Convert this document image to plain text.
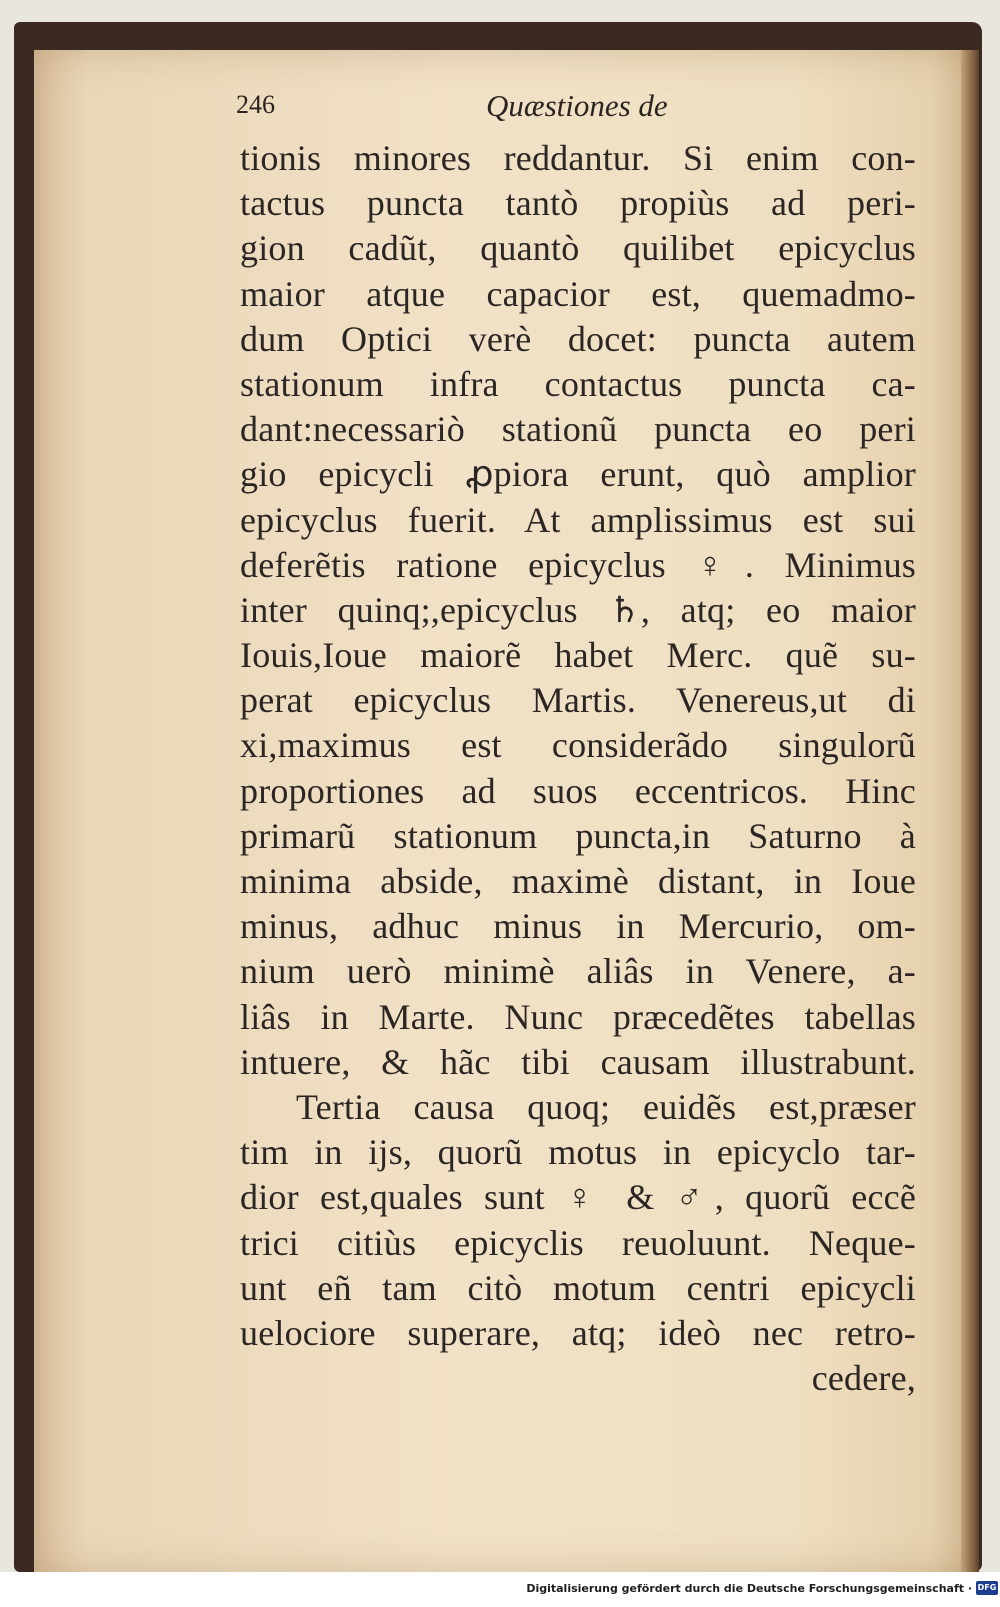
246	Quæstiones de
tionis minores reddantur. Si enim con-
tactus puncta tantò propiùs ad peri-
gion cadũt, quantò quilibet epicyclus
maior atque capacior est, quemadmo-
dum Optici verè docet: puncta autem
stationum infra contactus puncta ca-
dant:necessariò stationũ puncta eo peri
gio epicycli ꝓpiora erunt, quò amplior
epicyclus fuerit. At amplissimus est sui
deferẽtis ratione epicyclus ♀. Minimus
inter quinq;,epicyclus ♄, atq; eo maior
Iouis,Ioue maiorẽ habet Merc. quẽ su-
perat epicyclus Martis. Venereus,ut di
xi,maximus est considerãdo singulorũ
proportiones ad suos eccentricos. Hinc
primarũ stationum puncta,in Saturno à
minima abside, maximè distant, in Ioue
minus, adhuc minus in Mercurio, om-
nium uerò minimè aliâs in Venere, a-
liâs in Marte. Nunc præcedẽtes tabellas
intuere, & hãc tibi causam illustrabunt.
Tertia causa quoq; euidẽs est,præser
tim in ijs, quorũ motus in epicyclo tar-
dior est,quales sunt ♀ & ♂, quorũ eccẽ
trici citiùs epicyclis reuoluunt. Neque-
unt eñ tam citò motum centri epicycli
uelociore superare, atq; ideò nec retro-
cedere,
Digitalisierung gefördert durch die Deutsche Forschungsgemeinschaft · DFG
